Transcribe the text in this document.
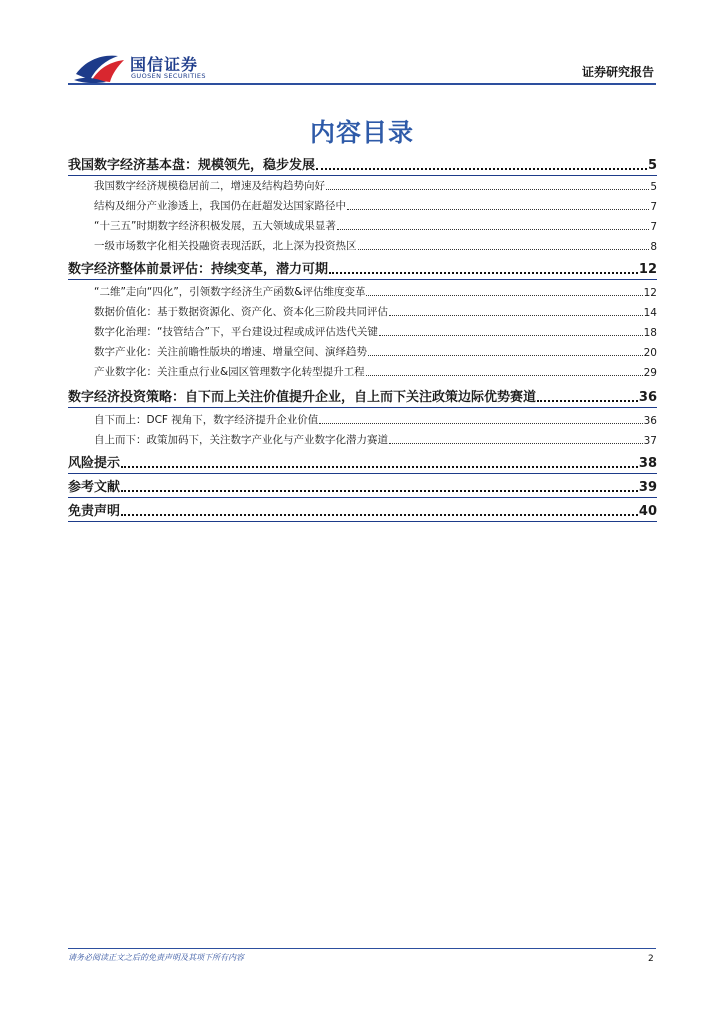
国信证券
GUOSEN SECURITIES	证券研究报告
内容目录
我国数字经济基本盘：规模领先，稳步发展	5
我国数字经济规模稳居前二，增速及结构趋势向好	5
结构及细分产业渗透上，我国仍在赶超发达国家路径中	7
“十三五”时期数字经济积极发展，五大领域成果显著	7
一级市场数字化相关投融资表现活跃，北上深为投资热区	8
数字经济整体前景评估：持续变革，潜力可期	12
“二维”走向“四化”，引领数字经济生产函数&评估维度变革	12
数据价值化：基于数据资源化、资产化、资本化三阶段共同评估	14
数字化治理：“技管结合”下，平台建设过程或成评估迭代关键	18
数字产业化：关注前瞻性版块的增速、增量空间、演绎趋势	20
产业数字化：关注重点行业&园区管理数字化转型提升工程	29
数字经济投资策略：自下而上关注价值提升企业，自上而下关注政策边际优势赛道	36
自下而上：DCF 视角下，数字经济提升企业价值	36
自上而下：政策加码下，关注数字产业化与产业数字化潜力赛道	37
风险提示	38
参考文献	39
免责声明	40
请务必阅读正文之后的免责声明及其项下所有内容	2
